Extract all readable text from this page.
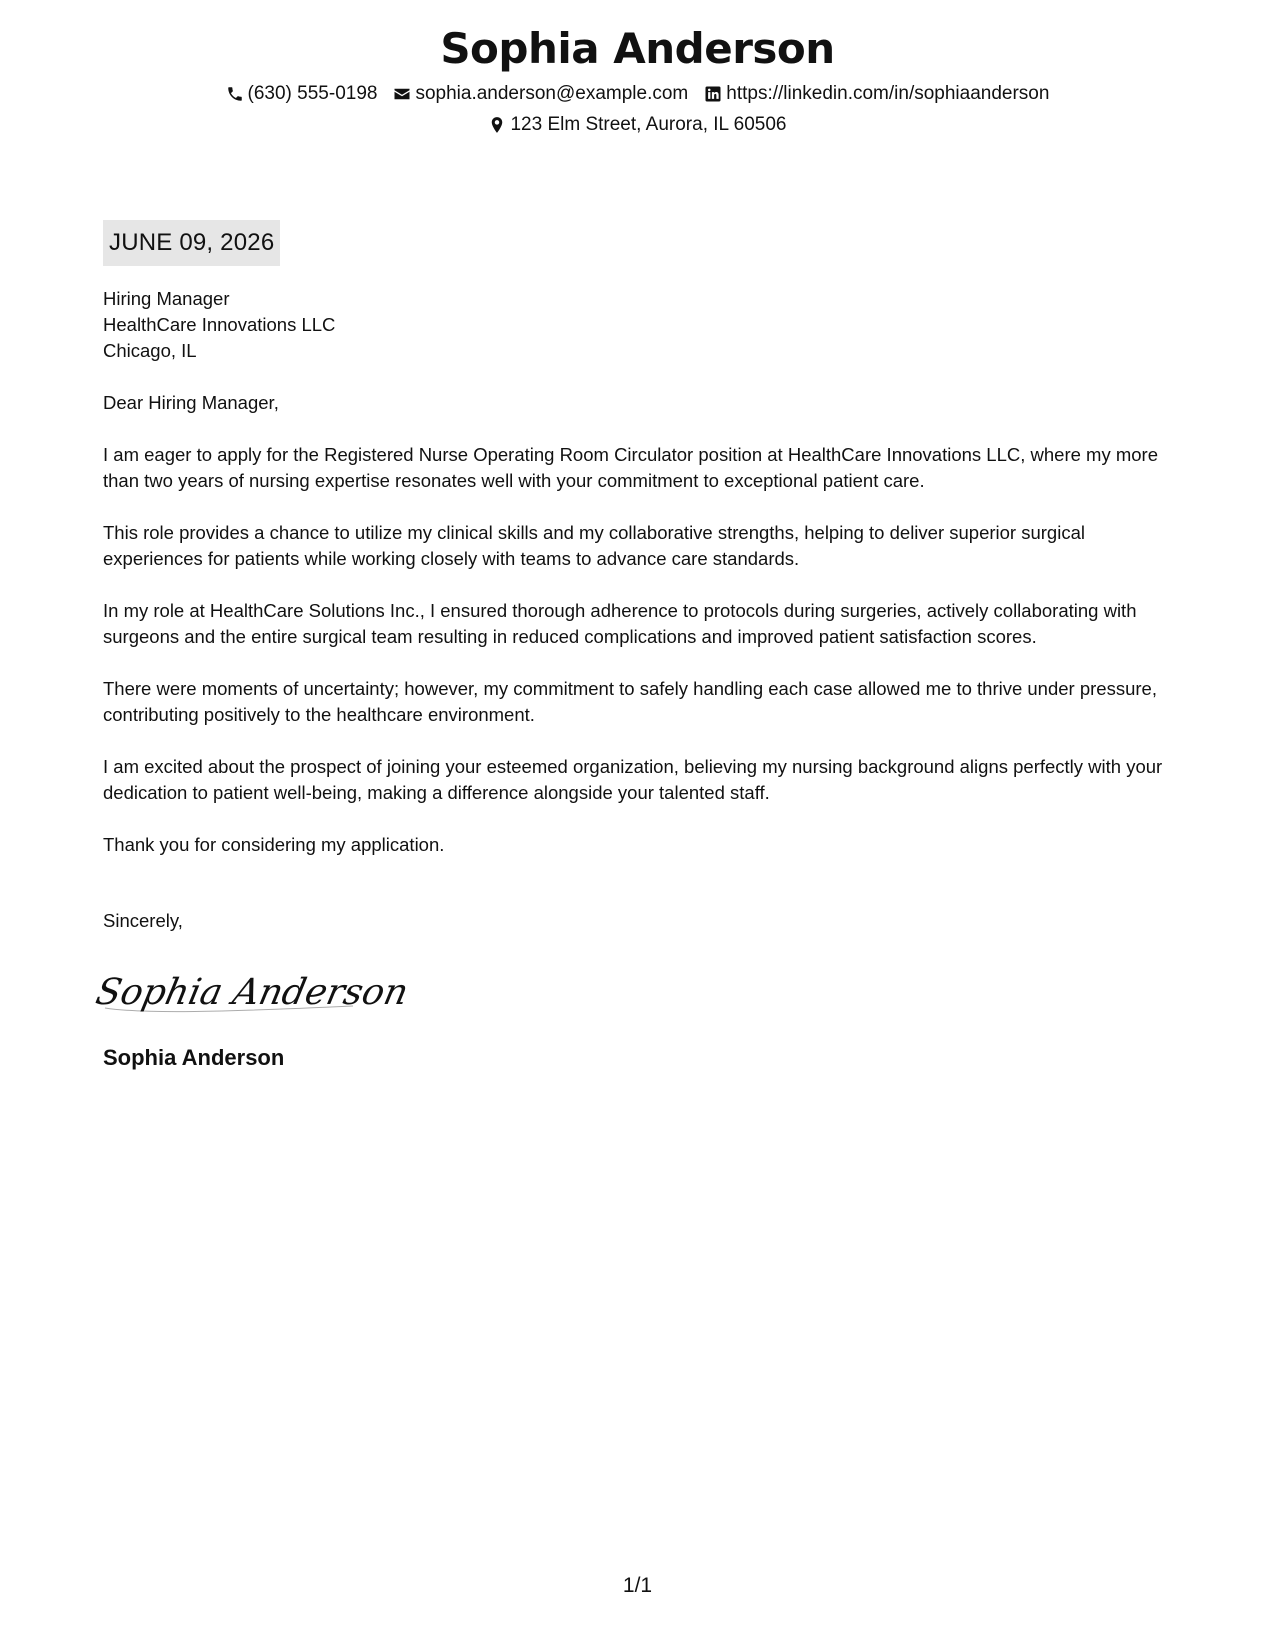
Sophia Anderson
(630) 555-0198 sophia.anderson@example.com https://linkedin.com/in/sophiaanderson
123 Elm Street, Aurora, IL 60506
JUNE 09, 2026
Hiring Manager
HealthCare Innovations LLC
Chicago, IL
Dear Hiring Manager,
I am eager to apply for the Registered Nurse Operating Room Circulator position at HealthCare Innovations LLC, where my more than two years of nursing expertise resonates well with your commitment to exceptional patient care.
This role provides a chance to utilize my clinical skills and my collaborative strengths, helping to deliver superior surgical experiences for patients while working closely with teams to advance care standards.
In my role at HealthCare Solutions Inc., I ensured thorough adherence to protocols during surgeries, actively collaborating with surgeons and the entire surgical team resulting in reduced complications and improved patient satisfaction scores.
There were moments of uncertainty; however, my commitment to safely handling each case allowed me to thrive under pressure, contributing positively to the healthcare environment.
I am excited about the prospect of joining your esteemed organization, believing my nursing background aligns perfectly with your dedication to patient well-being, making a difference alongside your talented staff.
Thank you for considering my application.
Sincerely,
Sophia Anderson
Sophia Anderson
1/1
